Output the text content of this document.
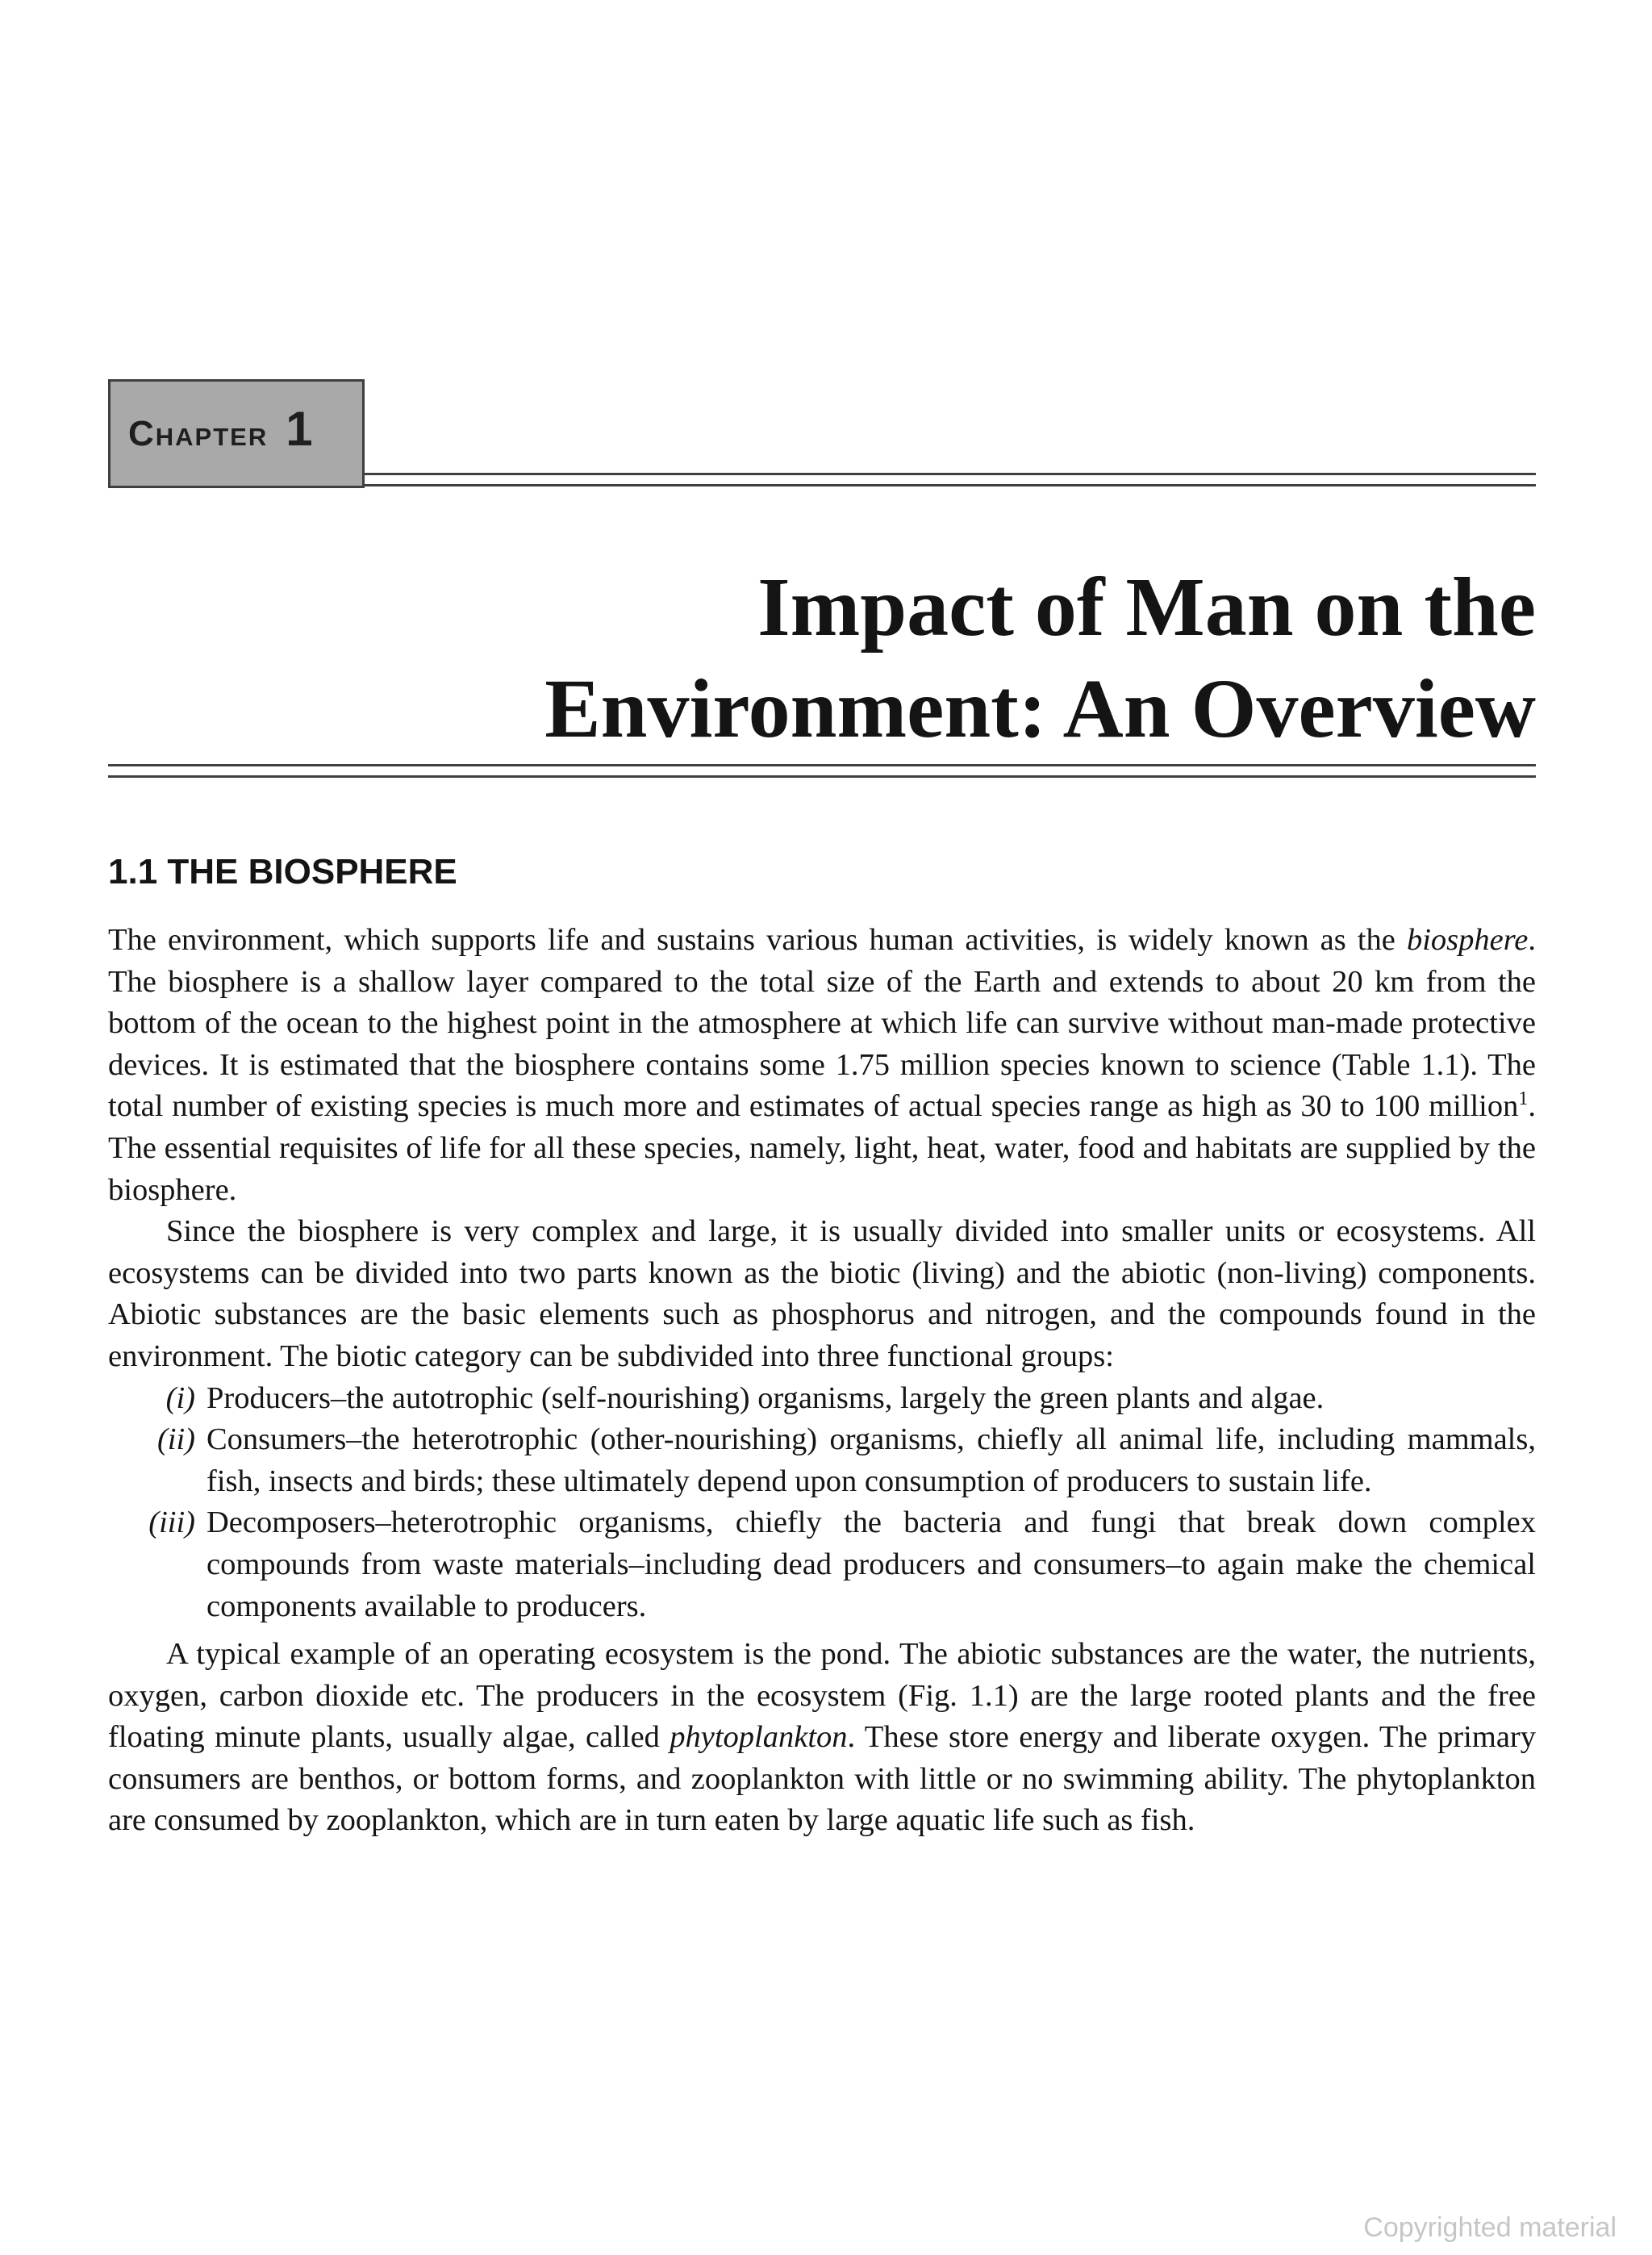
Chapter 1
Impact of Man on the
Environment: An Overview
1.1 THE BIOSPHERE

The environment, which supports life and sustains various human activities, is widely known as the biosphere. The biosphere is a shallow layer compared to the total size of the Earth and extends to about 20 km from the bottom of the ocean to the highest point in the atmosphere at which life can survive without man-made protective devices. It is estimated that the biosphere contains some 1.75 million species known to science (Table 1.1). The total number of existing species is much more and estimates of actual species range as high as 30 to 100 million$^1$. The essential requisites of life for all these species, namely, light, heat, water, food and habitats are supplied by the biosphere.

Since the biosphere is very complex and large, it is usually divided into smaller units or ecosystems. All ecosystems can be divided into two parts known as the biotic (living) and the abiotic (non-living) components. Abiotic substances are the basic elements such as phosphorus and nitrogen, and the compounds found in the environment. The biotic category can be subdivided into three functional groups:

(i) Producers–the autotrophic (self-nourishing) organisms, largely the green plants and algae.
(ii) Consumers–the heterotrophic (other-nourishing) organisms, chiefly all animal life, including mammals, fish, insects and birds; these ultimately depend upon consumption of producers to sustain life.
(iii) Decomposers–heterotrophic organisms, chiefly the bacteria and fungi that break down complex compounds from waste materials–including dead producers and consumers–to again make the chemical components available to producers.

A typical example of an operating ecosystem is the pond. The abiotic substances are the water, the nutrients, oxygen, carbon dioxide etc. The producers in the ecosystem (Fig. 1.1) are the large rooted plants and the free floating minute plants, usually algae, called phytoplankton. These store energy and liberate oxygen. The primary consumers are benthos, or bottom forms, and zooplankton with little or no swimming ability. The phytoplankton are consumed by zooplankton, which are in turn eaten by large aquatic life such as fish.

Copyrighted material
